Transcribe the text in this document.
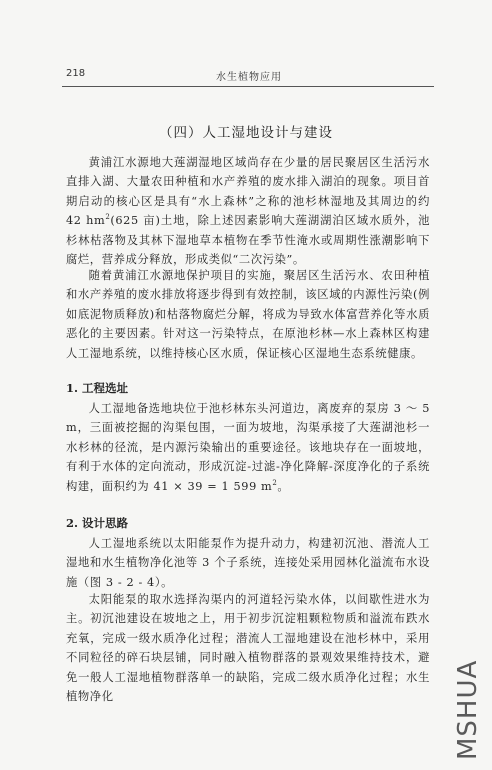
218	水生植物应用
（四）人工湿地设计与建设

黄浦江水源地大莲湖湿地区域尚存在少量的居民聚居区生活污水直排入湖、大量农田种植和水产养殖的废水排入湖泊的现象。项目首期启动的核心区是具有“水上森林”之称的池杉林湿地及其周边的约 42 $hm^2(625$ 亩)土地，除上述因素影响大莲湖湖泊区域水质外，池杉林枯落物及其林下湿地草本植物在季节性淹水或周期性涨潮影响下腐烂，营养成分释放，形成类似“二次污染”。

随着黄浦江水源地保护项目的实施，聚居区生活污水、农田种植和水产养殖的废水排放将逐步得到有效控制，该区域的内源性污染(例如底泥物质释放)和枯落物腐烂分解，将成为导致水体富营养化等水质恶化的主要因素。针对这一污染特点，在原池杉林—水上森林区构建人工湿地系统，以维持核心区水质，保证核心区湿地生态系统健康。

1. 工程选址

人工湿地备选地块位于池杉林东头河道边，离废弃的泵房 3 ～ 5 m，三面被挖掘的沟渠包围，一面为坡地，沟渠承接了大莲湖池杉一水杉林的径流，是内源污染输出的重要途径。该地块存在一面坡地，有利于水体的定向流动，形成沉淀-过滤-净化降解-深度净化的子系统构建，面积约为 41 × 39 = 1 599 $m^2$。

2. 设计思路

人工湿地系统以太阳能泵作为提升动力，构建初沉池、潜流人工湿地和水生植物净化池等 3 个子系统，连接处采用园林化溢流布水设施（图 3 - 2 - 4）。

太阳能泵的取水选择沟渠内的河道轻污染水体，以间歇性进水为主。初沉池建设在坡地之上，用于初步沉淀粗颗粒物质和溢流布跌水充氧，完成一级水质净化过程；潜流人工湿地建设在池杉林中，采用不同粒径的碎石块层铺，同时融入植物群落的景观效果维持技术，避免一般人工湿地植物群落单一的缺陷，完成二级水质净化过程；水生植物净化	MSHUA
